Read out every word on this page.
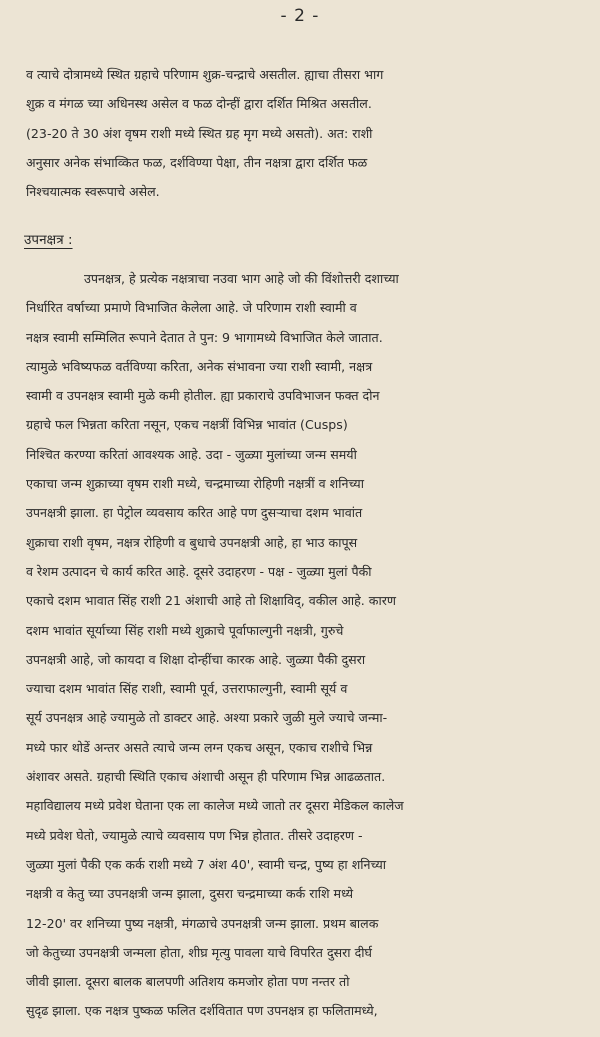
- 2 -
व त्याचे दोत्रामध्ये स्थित ग्रहाचे परिणाम शुक्र-चन्द्राचे असतील. ह्याचा तीसरा भाग
शुक्र व मंगळ च्या अधिनस्थ असेल व फळ दोन्हीं द्वारा दर्शित मिश्रित असतील.
(23-20 ते 30 अंश वृषम राशी मध्ये स्थित ग्रह मृग मध्ये असतो). अत: राशी
अनुसार अनेक संभाव्कित फळ, दर्शविण्या पेक्षा, तीन नक्षत्रा द्वारा दर्शित फळ
निश्चयात्मक स्वरूपाचे असेल.
उपनक्षत्र :
उपनक्षत्र, हे प्रत्येक नक्षत्राचा नउवा भाग आहे जो की विंशोत्तरी दशाच्या
निर्धारित वर्षाच्या प्रमाणे विभाजित केलेला आहे. जे परिणाम राशी स्वामी व
नक्षत्र स्वामी सम्मिलित रूपाने देतात ते पुन: 9 भागामध्ये विभाजित केले जातात.
त्यामुळे भविष्यफळ वर्तविण्या करिता, अनेक संभावना ज्या राशी स्वामी, नक्षत्र
स्वामी व उपनक्षत्र स्वामी मुळे कमी होतील. ह्या प्रकाराचे उपविभाजन फक्त दोन
ग्रहाचे फल भिन्नता करिता नसून, एकच नक्षत्रीं विभिन्न भावांत (Cusps)
निश्चित करण्या करितां आवश्यक आहे. उदा - जुळ्या मुलांच्या जन्म समयी
एकाचा जन्म शुक्राच्या वृषम राशी मध्ये, चन्द्रमाच्या रोहिणी नक्षत्रीं व शनिच्या
उपनक्षत्री झाला. हा पेट्रोल व्यवसाय करित आहे पण दुसऱ्याचा दशम भावांत
शुक्राचा राशी वृषम, नक्षत्र रोहिणी व बुधाचे उपनक्षत्री आहे, हा भाउ कापूस
व रेशम उत्पादन चे कार्य करित आहे. दूसरे उदाहरण - पक्ष - जुळ्या मुलां पैकी
एकाचे दशम भावात सिंह राशी 21 अंशाची आहे तो शिक्षाविद्, वकील आहे. कारण
दशम भावांत सूर्याच्या सिंह राशी मध्ये शुक्राचे पूर्वाफाल्गुनी नक्षत्री, गुरुचे
उपनक्षत्री आहे, जो कायदा व शिक्षा दोन्हींचा कारक आहे. जुळ्या पैकी दुसरा
ज्याचा दशम भावांत सिंह राशी, स्वामी पूर्व, उत्तराफाल्गुनी, स्वामी सूर्य व
सूर्य उपनक्षत्र आहे ज्यामुळे तो डाक्टर आहे. अश्या प्रकारे जुळी मुले ज्याचे जन्मा-
मध्ये फार थोडें अन्तर असते त्याचे जन्म लग्न एकच असून, एकाच राशीचे भिन्न
अंशावर असते. ग्रहाची स्थिति एकाच अंशाची असून ही परिणाम भिन्न आढळतात.
महाविद्यालय मध्ये प्रवेश घेताना एक ला कालेज मध्ये जातो तर दूसरा मेडिकल कालेज
मध्ये प्रवेश घेतो, ज्यामुळे त्याचे व्यवसाय पण भिन्न होतात. तीसरे उदाहरण -
जुळ्या मुलां पैकी एक कर्क राशी मध्ये 7 अंश 40', स्वामी चन्द्र, पुष्य हा शनिच्या
नक्षत्री व केतु च्या उपनक्षत्री जन्म झाला, दुसरा चन्द्रमाच्या कर्क राशि मध्ये
12-20' वर शनिच्या पुष्य नक्षत्री, मंगळाचे उपनक्षत्री जन्म झाला. प्रथम बालक
जो केतुच्या उपनक्षत्री जन्मला होता, शीघ्र मृत्यु पावला याचे विपरित दुसरा दीर्घ
जीवी झाला. दूसरा बालक बालपणी अतिशय कमजोर होता पण नन्तर तो
सुदृढ झाला. एक नक्षत्र पुष्कळ फलित दर्शवितात पण उपनक्षत्र हा फलितामध्ये,
